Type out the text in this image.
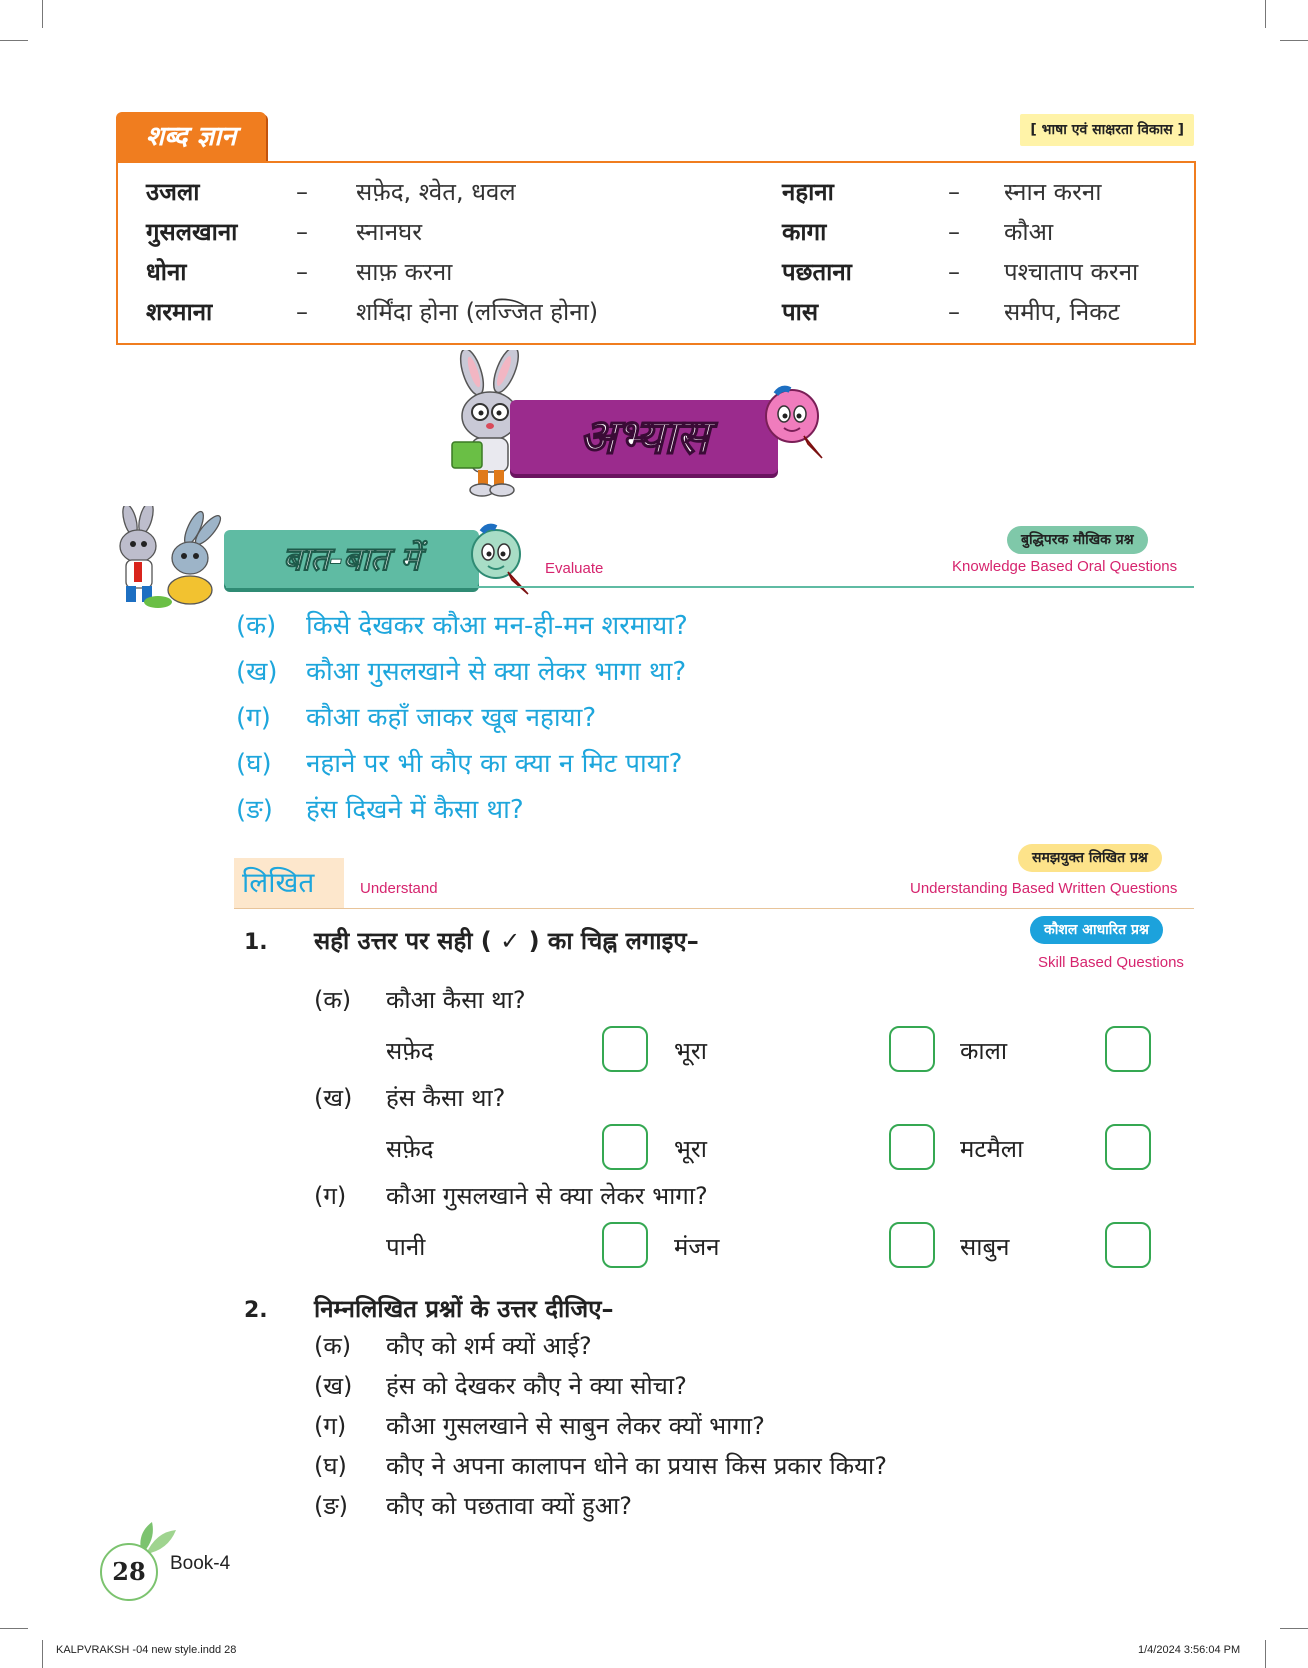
शब्द ज्ञान	[ भाषा एवं साक्षरता विकास ]
उजला	– सफ़ेद, श्वेत, धवल	नहाना	– स्नान करना
गुसलखाना – स्नानघर	कागा	– कौआ
धोना	– साफ़ करना	पछताना	– पश्चाताप करना
शरमाना	– शर्मिंदा होना (लज्जित होना)	पास	– समीप, निकट
अभ्यास
बात-बात में	Evaluate
बुद्धिपरक मौखिक प्रश्न
Knowledge Based Oral Questions
(क) किसे देखकर कौआ मन-ही-मन शरमाया?
(ख) कौआ गुसलखाने से क्या लेकर भागा था?
(ग) कौआ कहाँ जाकर खूब नहाया?
(घ) नहाने पर भी कौए का क्या न मिट पाया?
(ङ) हंस दिखने में कैसा था?
लिखित	Understand
समझयुक्त लिखित प्रश्न
Understanding Based Written Questions
कौशल आधारित प्रश्न
Skill Based Questions
1. सही उत्तर पर सही ( ✓ ) का चिह्न लगाइए–
(क) कौआ कैसा था?
सफ़ेद	भूरा	काला
(ख) हंस कैसा था?
सफ़ेद	भूरा	मटमैला
(ग) कौआ गुसलखाने से क्या लेकर भागा?
पानी	मंजन	साबुन
2. निम्नलिखित प्रश्नों के उत्तर दीजिए–
(क) कौए को शर्म क्यों आई?
(ख) हंस को देखकर कौए ने क्या सोचा?
(ग) कौआ गुसलखाने से साबुन लेकर क्यों भागा?
(घ) कौए ने अपना कालापन धोने का प्रयास किस प्रकार किया?
(ङ) कौए को पछतावा क्यों हुआ?
28	Book-4
KALPVRAKSH -04 new style.indd 28	1/4/2024 3:56:04 PM
